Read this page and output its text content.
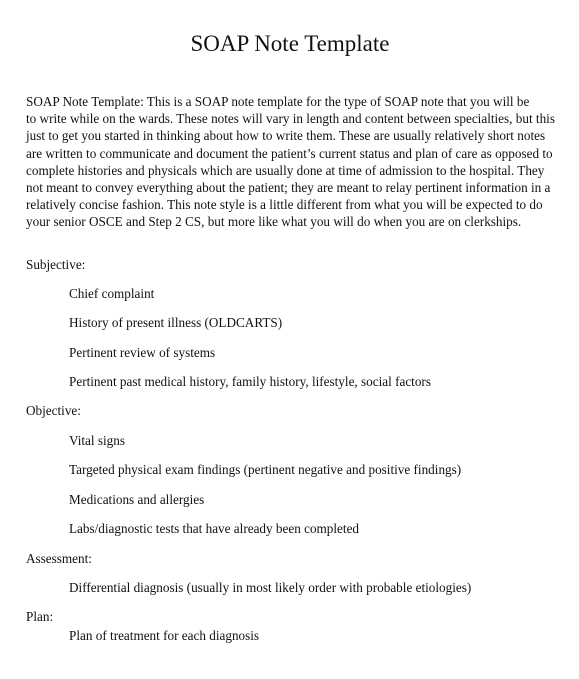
SOAP Note Template

SOAP Note Template: This is a SOAP note template for the type of SOAP note that you will be
to write while on the wards. These notes will vary in length and content between specialties, but this
just to get you started in thinking about how to write them. These are usually relatively short notes
are written to communicate and document the patient’s current status and plan of care as opposed to
complete histories and physicals which are usually done at time of admission to the hospital. They
not meant to convey everything about the patient; they are meant to relay pertinent information in a
relatively concise fashion. This note style is a little different from what you will be expected to do
your senior OSCE and Step 2 CS, but more like what you will do when you are on clerkships.

Subjective:

Chief complaint

History of present illness (OLDCARTS)

Pertinent review of systems

Pertinent past medical history, family history, lifestyle, social factors

Objective:

Vital signs

Targeted physical exam findings (pertinent negative and positive findings)

Medications and allergies

Labs/diagnostic tests that have already been completed

Assessment:

Differential diagnosis (usually in most likely order with probable etiologies)

Plan:

Plan of treatment for each diagnosis
